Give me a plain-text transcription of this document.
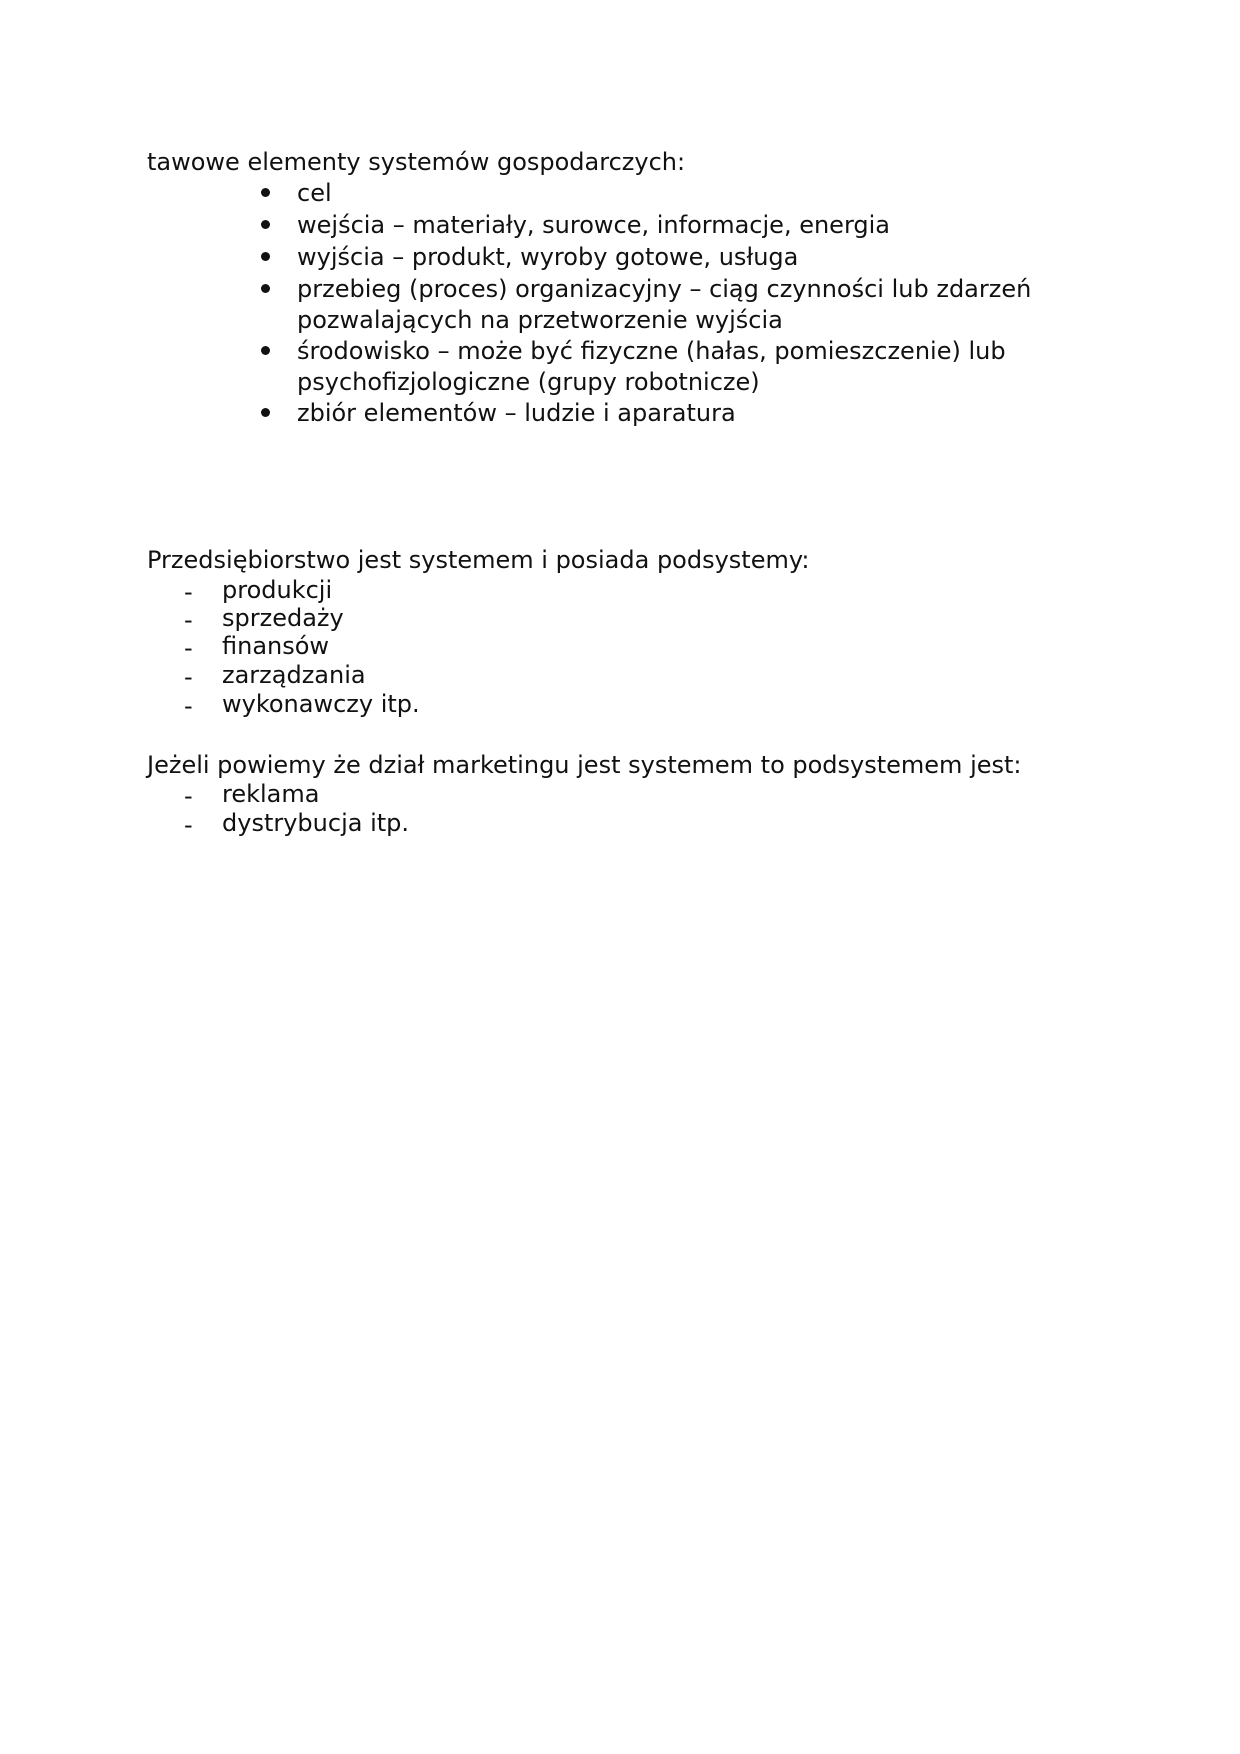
tawowe elementy systemów gospodarczych:

cel
wejścia – materiały, surowce, informacje, energia
wyjścia – produkt, wyroby gotowe, usługa
przebieg (proces) organizacyjny – ciąg czynności lub zdarzeń
pozwalających na przetworzenie wyjścia
środowisko – może być fizyczne (hałas, pomieszczenie) lub
psychofizjologiczne (grupy robotnicze)
zbiór elementów – ludzie i aparatura

Przedsiębiorstwo jest systemem i posiada podsystemy:

- produkcji
- sprzedaży
- finansów
- zarządzania
- wykonawczy itp.

Jeżeli powiemy że dział marketingu jest systemem to podsystemem jest:

- reklama
- dystrybucja itp.
